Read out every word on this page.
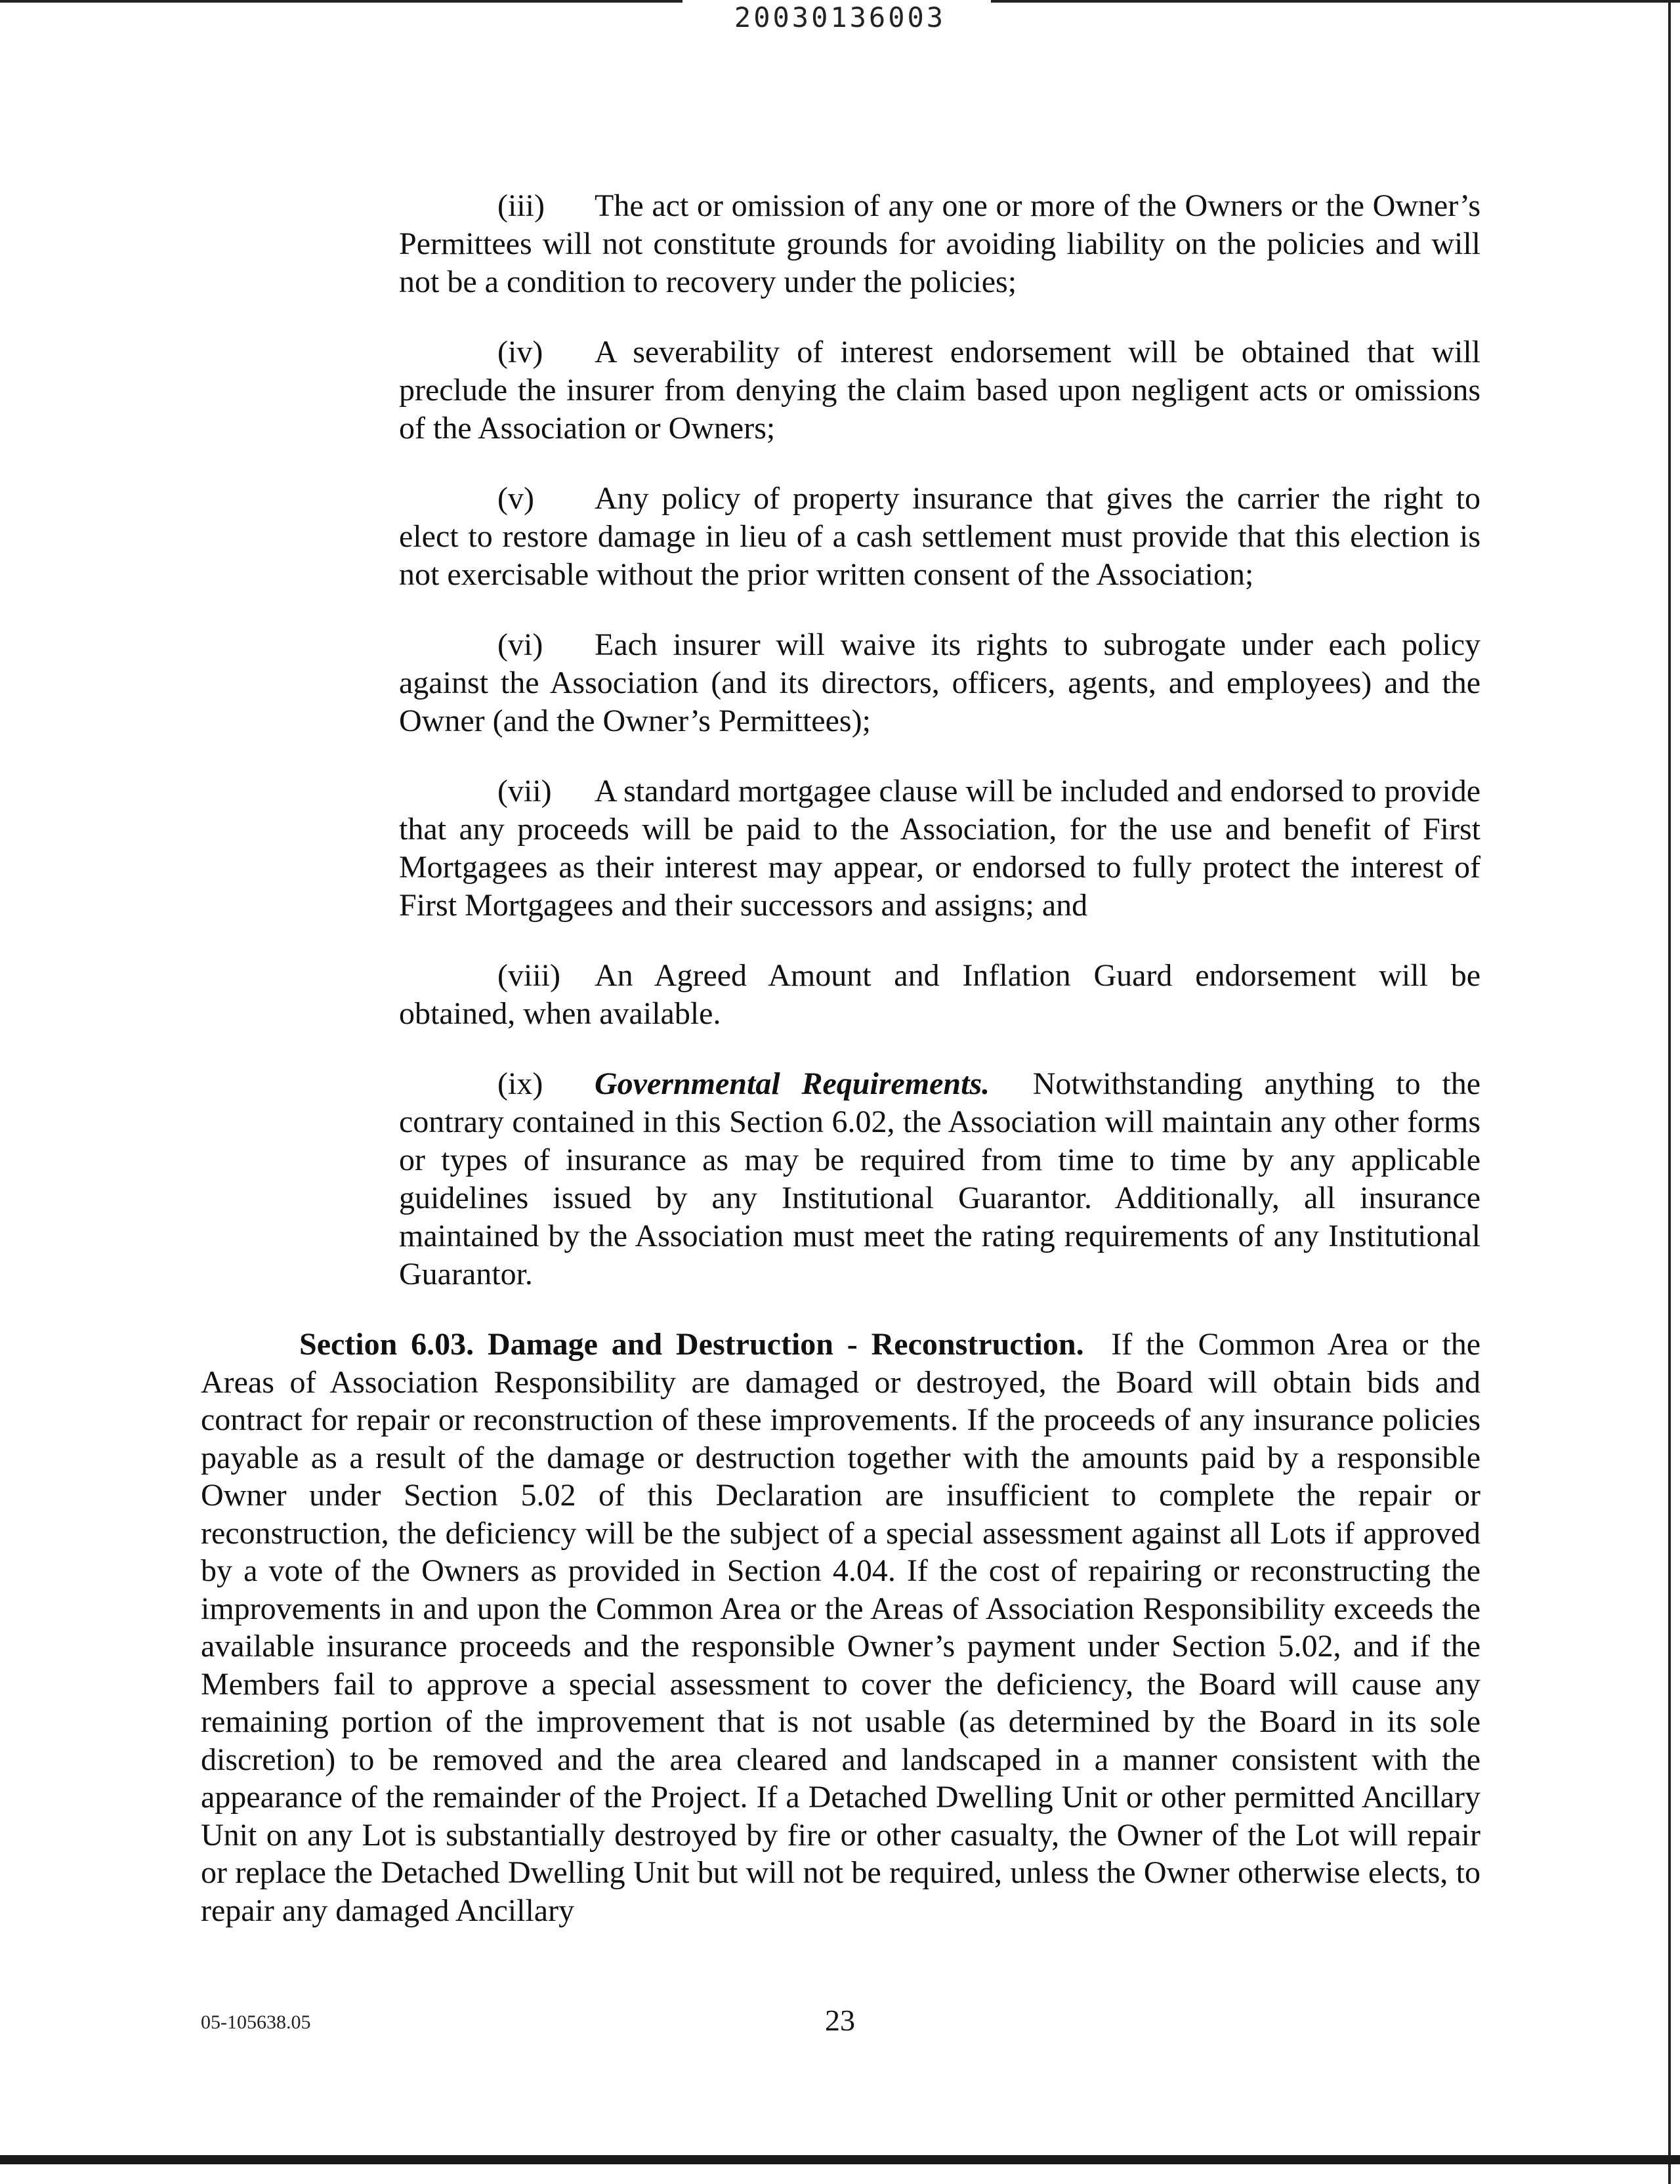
20030136003
(iii) The act or omission of any one or more of the Owners or the Owner’s Permittees will not constitute grounds for avoiding liability on the policies and will not be a condition to recovery under the policies;
(iv) A severability of interest endorsement will be obtained that will preclude the insurer from denying the claim based upon negligent acts or omissions of the Association or Owners;
(v) Any policy of property insurance that gives the carrier the right to elect to restore damage in lieu of a cash settlement must provide that this election is not exercisable without the prior written consent of the Association;
(vi) Each insurer will waive its rights to subrogate under each policy against the Association (and its directors, officers, agents, and employees) and the Owner (and the Owner’s Permittees);
(vii) A standard mortgagee clause will be included and endorsed to provide that any proceeds will be paid to the Association, for the use and benefit of First Mortgagees as their interest may appear, or endorsed to fully protect the interest of First Mortgagees and their successors and assigns; and
(viii) An Agreed Amount and Inflation Guard endorsement will be obtained, when available.
(ix) Governmental Requirements. Notwithstanding anything to the contrary contained in this Section 6.02, the Association will maintain any other forms or types of insurance as may be required from time to time by any applicable guidelines issued by any Institutional Guarantor. Additionally, all insurance maintained by the Association must meet the rating requirements of any Institutional Guarantor.
Section 6.03. Damage and Destruction - Reconstruction. If the Common Area or the Areas of Association Responsibility are damaged or destroyed, the Board will obtain bids and contract for repair or reconstruction of these improvements. If the proceeds of any insurance policies payable as a result of the damage or destruction together with the amounts paid by a responsible Owner under Section 5.02 of this Declaration are insufficient to complete the repair or reconstruction, the deficiency will be the subject of a special assessment against all Lots if approved by a vote of the Owners as provided in Section 4.04. If the cost of repairing or reconstructing the improvements in and upon the Common Area or the Areas of Association Responsibility exceeds the available insurance proceeds and the responsible Owner’s payment under Section 5.02, and if the Members fail to approve a special assessment to cover the deficiency, the Board will cause any remaining portion of the improvement that is not usable (as determined by the Board in its sole discretion) to be removed and the area cleared and landscaped in a manner consistent with the appearance of the remainder of the Project. If a Detached Dwelling Unit or other permitted Ancillary Unit on any Lot is substantially destroyed by fire or other casualty, the Owner of the Lot will repair or replace the Detached Dwelling Unit but will not be required, unless the Owner otherwise elects, to repair any damaged Ancillary
05-105638.05	23
